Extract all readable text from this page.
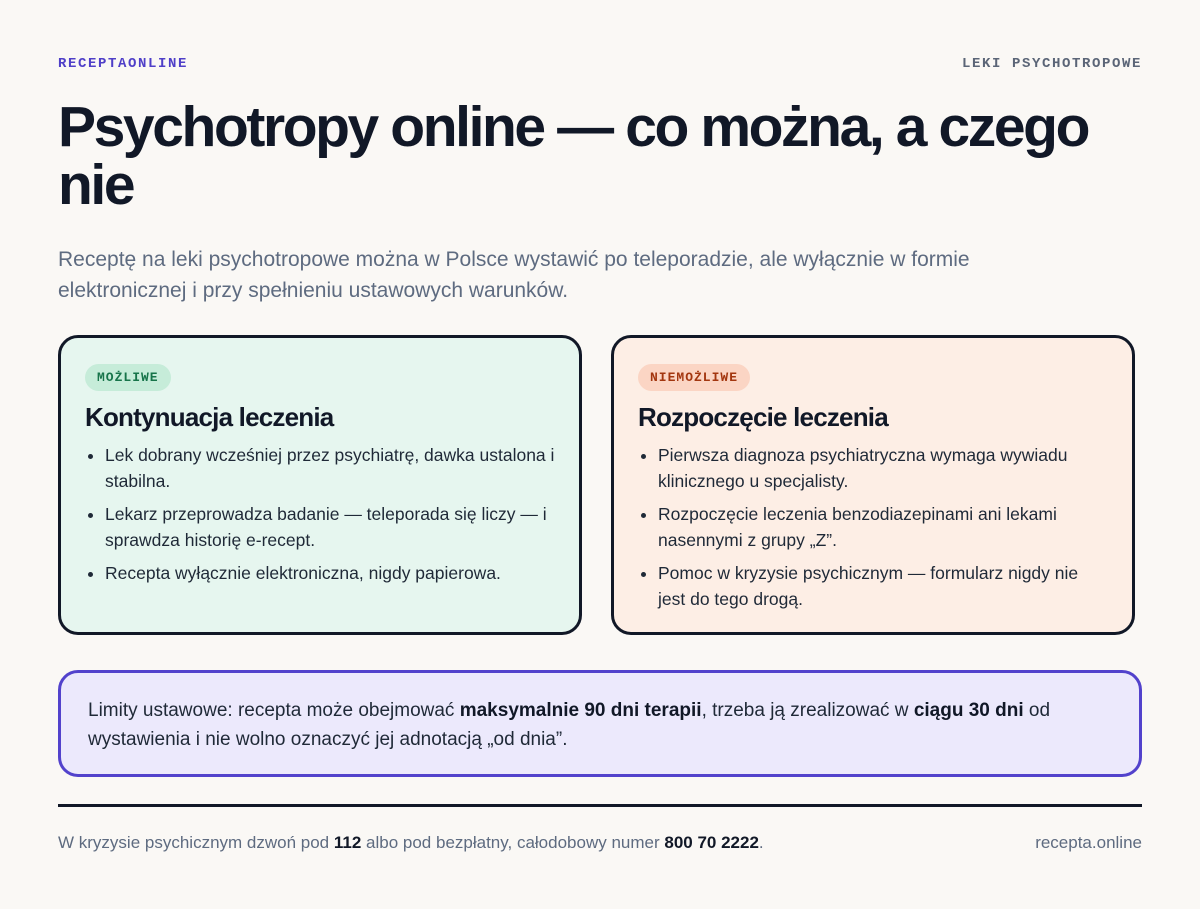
RECEPTAONLINE	LEKI PSYCHOTROPOWE
Psychotropy online — co można, a czego nie

Receptę na leki psychotropowe można w Polsce wystawić po teleporadzie, ale wyłącznie w formie elektronicznej i przy spełnieniu ustawowych warunków.

MOŻLIWE
Kontynuacja leczenia
• Lek dobrany wcześniej przez psychiatrę, dawka ustalona i stabilna.
• Lekarz przeprowadza badanie — teleporada się liczy — i sprawdza historię e-recept.
• Recepta wyłącznie elektroniczna, nigdy papierowa.
NIEMOŻLIWE
Rozpoczęcie leczenia
• Pierwsza diagnoza psychiatryczna wymaga wywiadu klinicznego u specjalisty.
• Rozpoczęcie leczenia benzodiazepinami ani lekami nasennymi z grupy „Z”.
• Pomoc w kryzysie psychicznym — formularz nigdy nie jest do tego drogą.
Limity ustawowe: recepta może obejmować maksymalnie 90 dni terapii, trzeba ją zrealizować w ciągu 30 dni od wystawienia i nie wolno oznaczyć jej adnotacją „od dnia”.
W kryzysie psychicznym dzwoń pod 112 albo pod bezpłatny, całodobowy numer 800 70 2222.	recepta.online
